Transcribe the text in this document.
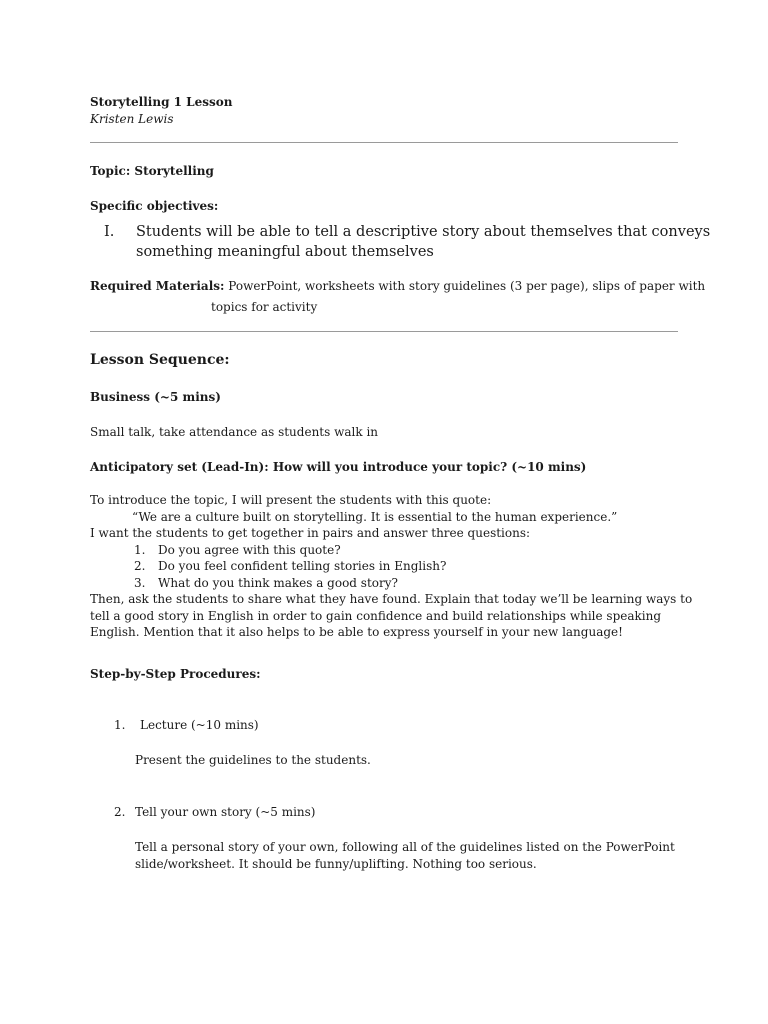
Storytelling 1 Lesson
Kristen Lewis
Topic: Storytelling
Specific objectives:
I. Students will be able to tell a descriptive story about themselves that conveys
something meaningful about themselves
Required Materials: PowerPoint, worksheets with story guidelines (3 per page), slips of paper with
topics for activity
Lesson Sequence:
Business (~5 mins)
Small talk, take attendance as students walk in
Anticipatory set (Lead-In): How will you introduce your topic? (~10 mins)
To introduce the topic, I will present the students with this quote:
“We are a culture built on storytelling. It is essential to the human experience.”
I want the students to get together in pairs and answer three questions:
1. Do you agree with this quote?
2. Do you feel confident telling stories in English?
3. What do you think makes a good story?
Then, ask the students to share what they have found. Explain that today we’ll be learning ways to
tell a good story in English in order to gain confidence and build relationships while speaking
English. Mention that it also helps to be able to express yourself in your new language!
Step-by-Step Procedures:
1. Lecture (~10 mins)
Present the guidelines to the students.
2. Tell your own story (~5 mins)
Tell a personal story of your own, following all of the guidelines listed on the PowerPoint
slide/worksheet. It should be funny/uplifting. Nothing too serious.
